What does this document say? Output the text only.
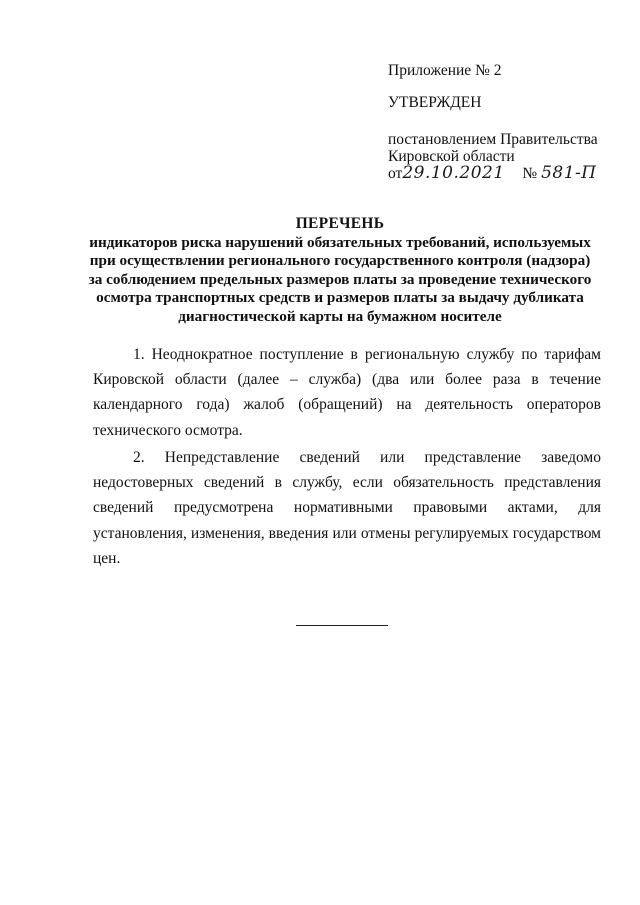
Приложение № 2
УТВЕРЖДЕН
постановлением Правительства
Кировской области
от29.10.2021 № 581-П
ПЕРЕЧЕНЬ
индикаторов риска нарушений обязательных требований, используемых
при осуществлении регионального государственного контроля (надзора)
за соблюдением предельных размеров платы за проведение технического
осмотра транспортных средств и размеров платы за выдачу дубликата
диагностической карты на бумажном носителе
1. Неоднократное поступление в региональную службу по тарифам
Кировской области (далее – служба) (два или более раза в течение
календарного года) жалоб (обращений) на деятельность операторов
технического осмотра.
2. Непредставление сведений или представление заведомо
недостоверных сведений в службу, если обязательность представления
сведений предусмотрена нормативными правовыми актами, для
установления, изменения, введения или отмены регулируемых государством
цен.
